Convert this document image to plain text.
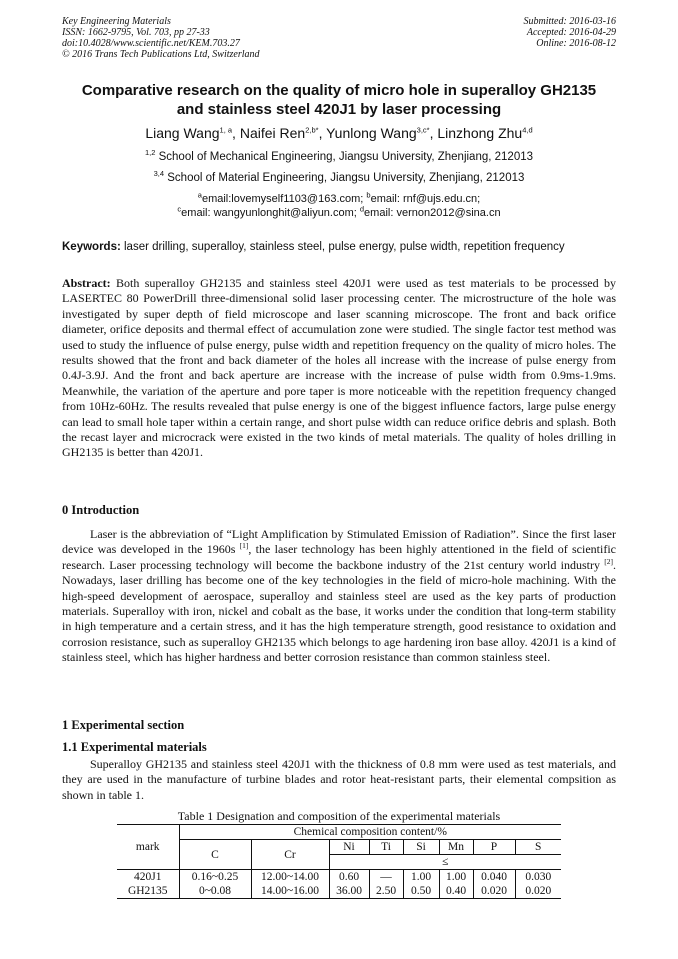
Key Engineering Materials
ISSN: 1662-9795, Vol. 703, pp 27-33
doi:10.4028/www.scientific.net/KEM.703.27
© 2016 Trans Tech Publications Ltd, Switzerland
Submitted: 2016-03-16
Accepted: 2016-04-29
Online: 2016-08-12
Comparative research on the quality of micro hole in superalloy GH2135
and stainless steel 420J1 by laser processing
Liang Wang$^{1, a}$, Naifei Ren$^{2,b*}$, Yunlong Wang$^{3,c*}$, Linzhong Zhu$^{4,d}$
$^{1,2}$ School of Mechanical Engineering, Jiangsu University, Zhenjiang, 212013
$^{3,4}$ School of Material Engineering, Jiangsu University, Zhenjiang, 212013
$^a$email:lovemyself1103@163.com; $^b$email: rnf@ujs.edu.cn;
$^c$email: wangyunlonghit@aliyun.com; $^d$email: vernon2012@sina.cn
Keywords: laser drilling, superalloy, stainless steel, pulse energy, pulse width, repetition frequency
Abstract: Both superalloy GH2135 and stainless steel 420J1 were used as test materials to be processed by LASERTEC 80 PowerDrill three-dimensional solid laser processing center. The microstructure of the hole was investigated by super depth of field microscope and laser scanning microscope. The front and back orifice diameter, orifice deposits and thermal effect of accumulation zone were studied. The single factor test method was used to study the influence of pulse energy, pulse width and repetition frequency on the quality of micro holes. The results showed that the front and back diameter of the holes all increase with the increase of pulse energy from 0.4J-3.9J. And the front and back aperture are increase with the increase of pulse width from 0.9ms-1.9ms. Meanwhile, the variation of the aperture and pore taper is more noticeable with the repetition frequency changed from 10Hz-60Hz. The results revealed that pulse energy is one of the biggest influence factors, large pulse energy can lead to small hole taper within a certain range, and short pulse width can reduce orifice debris and splash. Both the recast layer and microcrack were existed in the two kinds of metal materials. The quality of holes drilling in GH2135 is better than 420J1.
0 Introduction
Laser is the abbreviation of “Light Amplification by Stimulated Emission of Radiation”. Since the first laser device was developed in the 1960s [1], the laser technology has been highly attentioned in the field of scientific research. Laser processing technology will become the backbone industry of the 21st century world industry [2]. Nowadays, laser drilling has become one of the key technologies in the field of micro-hole machining. With the high-speed development of aerospace, superalloy and stainless steel are used as the key parts of production materials. Superalloy with iron, nickel and cobalt as the base, it works under the condition that long-term stability in high temperature and a certain stress, and it has the high temperature strength, good resistance to oxidation and corrosion resistance, such as superalloy GH2135 which belongs to age hardening iron base alloy. 420J1 is a kind of stainless steel, which has higher hardness and better corrosion resistance than common stainless steel.
1 Experimental section
1.1 Experimental materials
Superalloy GH2135 and stainless steel 420J1 with the thickness of 0.8 mm were used as test materials, and they are used in the manufacture of turbine blades and rotor heat-resistant parts, their elemental compsition as shown in table 1.
Table 1 Designation and composition of the experimental materials
mark	Chemical composition content/%							
	C	Cr	Ni	Ti	Si	Mn	P	S
			≤					
420J1	0.16~0.25	12.00~14.00	0.60	—	1.00	1.00	0.040	0.030
GH2135	0~0.08	14.00~16.00	36.00	2.50	0.50	0.40	0.020	0.020
